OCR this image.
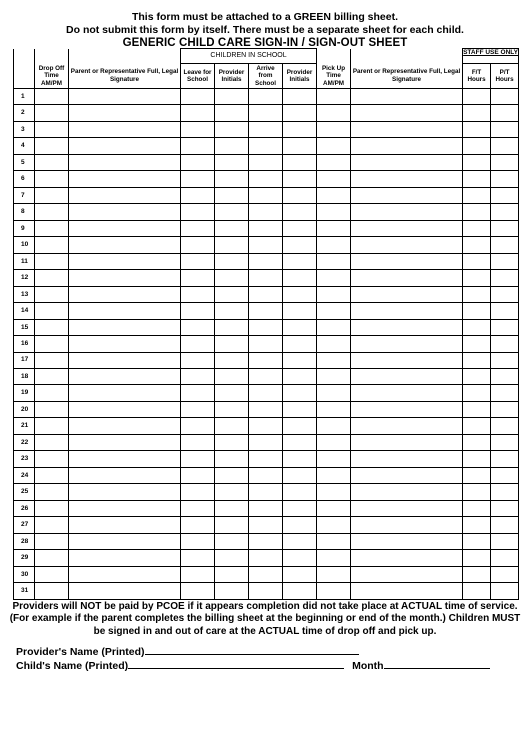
This form must be attached to a GREEN billing sheet.
Do not submit this form by itself. There must be a separate sheet for each child.
GENERIC CHILD CARE SIGN-IN / SIGN-OUT SHEET
			CHILDREN IN SCHOOL						STAFF USE ONLY	
	Drop Off Time AM/PM	Parent or Representative Full, Legal Signature	Leave for School	Provider Initials	Arrive from School	Provider Initials	Pick Up Time AM/PM	Parent or Representative Full, Legal Signature	F/T Hours	P/T Hours
1										
2										
3										
4										
5										
6										
7										
8										
9										
10										
11										
12										
13										
14										
15										
16										
17										
18										
19										
20										
21										
22										
23										
24										
25										
26										
27										
28										
29										
30										
31										
Providers will NOT be paid by PCOE if it appears completion did not take place at ACTUAL time of service. (For example if the parent completes the billing sheet at the beginning or end of the month.) Children MUST be signed in and out of care at the ACTUAL time of drop off and pick up.
Provider's Name (Printed)
Child's Name (Printed)	Month
